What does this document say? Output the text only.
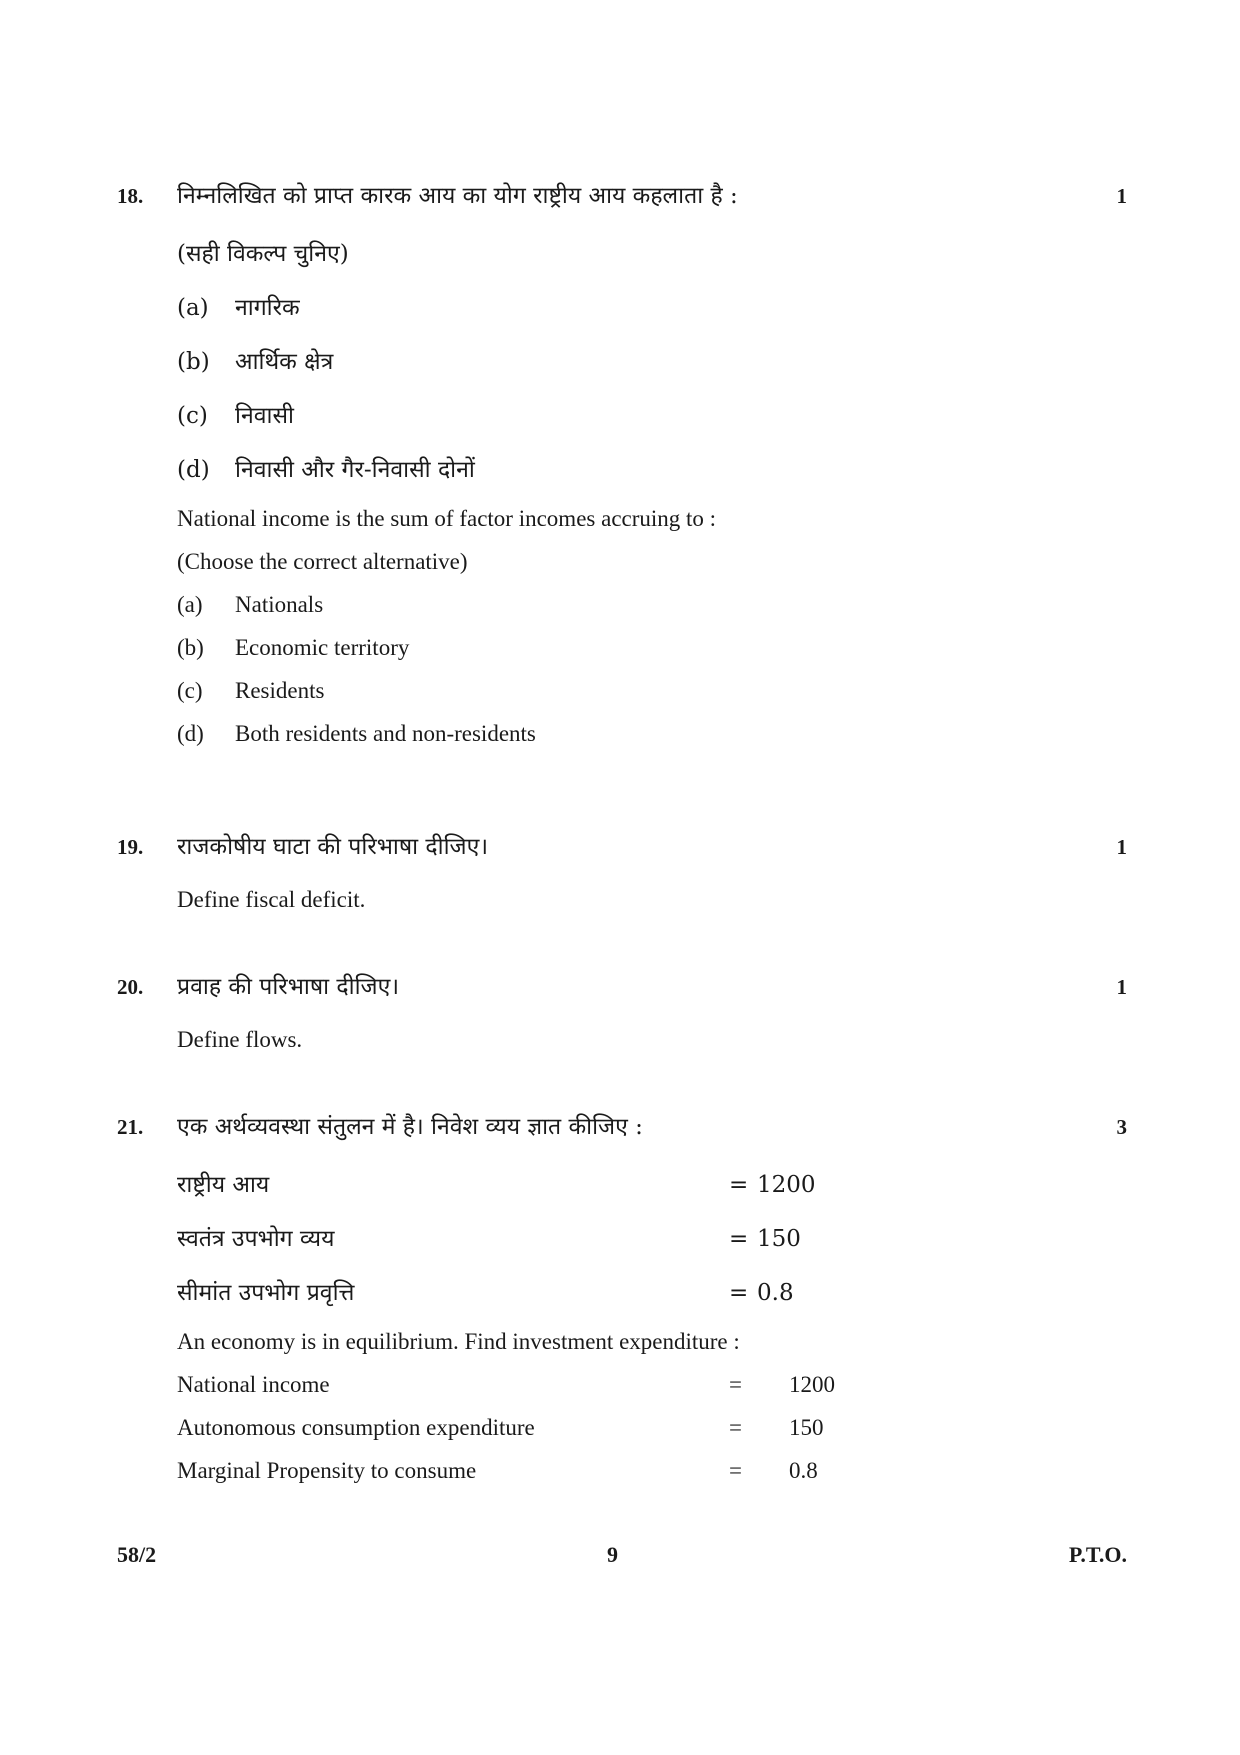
18. निम्नलिखित को प्राप्त कारक आय का योग राष्ट्रीय आय कहलाता है :	1
(सही विकल्प चुनिए)
(a) नागरिक
(b) आर्थिक क्षेत्र
(c) निवासी
(d) निवासी और गैर-निवासी दोनों
National income is the sum of factor incomes accruing to :
(Choose the correct alternative)
(a) Nationals
(b) Economic territory
(c) Residents
(d) Both residents and non-residents
19. राजकोषीय घाटा की परिभाषा दीजिए।	1
Define fiscal deficit.
20. प्रवाह की परिभाषा दीजिए।	1
Define flows.
21. एक अर्थव्यवस्था संतुलन में है। निवेश व्यय ज्ञात कीजिए :	3
राष्ट्रीय आय	= 1200
स्वतंत्र उपभोग व्यय	= 150
सीमांत उपभोग प्रवृत्ति	= 0.8
An economy is in equilibrium. Find investment expenditure :
National income	= 1200
Autonomous consumption expenditure	= 150
Marginal Propensity to consume	= 0.8
58/2	9	P.T.O.
